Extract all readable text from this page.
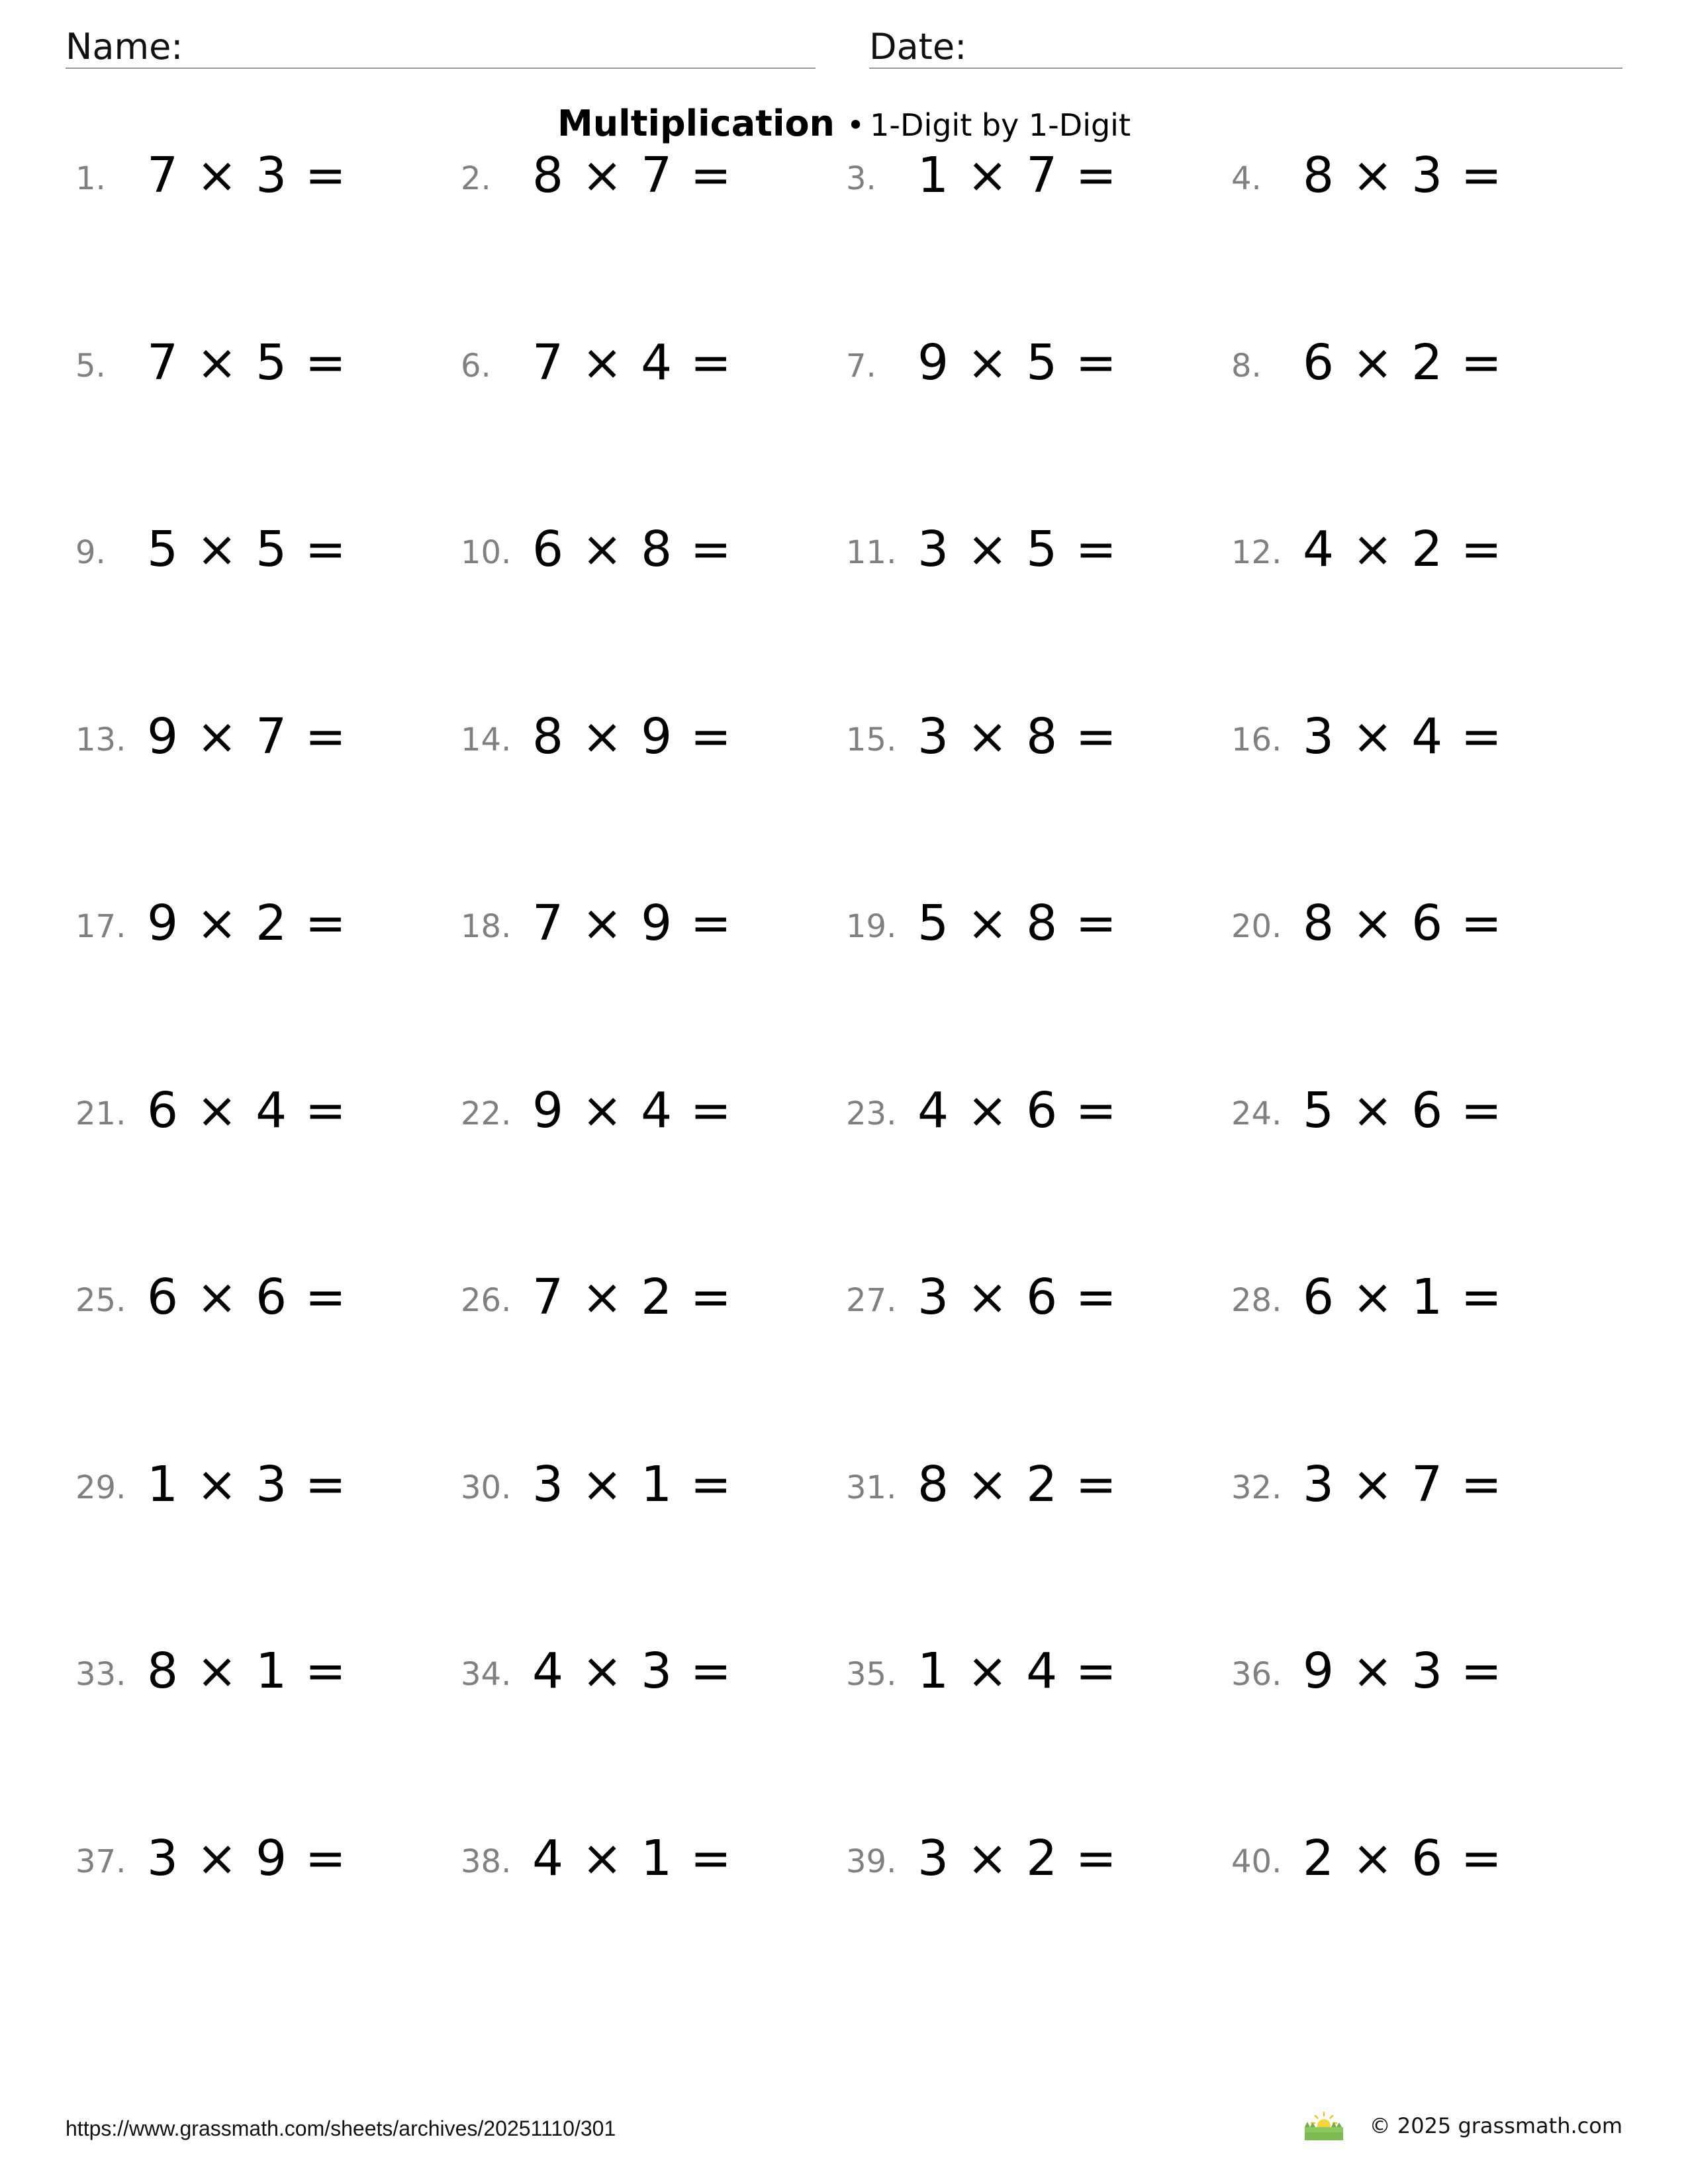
Name:	Date:
Multiplication • 1-Digit by 1-Digit
1. 7 × 3 =	2. 8 × 7 =	3. 1 × 7 =	4. 8 × 3 =
5. 7 × 5 =	6. 7 × 4 =	7. 9 × 5 =	8. 6 × 2 =
9. 5 × 5 =	10. 6 × 8 =	11. 3 × 5 =	12. 4 × 2 =
13. 9 × 7 =	14. 8 × 9 =	15. 3 × 8 =	16. 3 × 4 =
17. 9 × 2 =	18. 7 × 9 =	19. 5 × 8 =	20. 8 × 6 =
21. 6 × 4 =	22. 9 × 4 =	23. 4 × 6 =	24. 5 × 6 =
25. 6 × 6 =	26. 7 × 2 =	27. 3 × 6 =	28. 6 × 1 =
29. 1 × 3 =	30. 3 × 1 =	31. 8 × 2 =	32. 3 × 7 =
33. 8 × 1 =	34. 4 × 3 =	35. 1 × 4 =	36. 9 × 3 =
37. 3 × 9 =	38. 4 × 1 =	39. 3 × 2 =	40. 2 × 6 =
https://www.grassmath.com/sheets/archives/20251110/301	© 2025 grassmath.com
